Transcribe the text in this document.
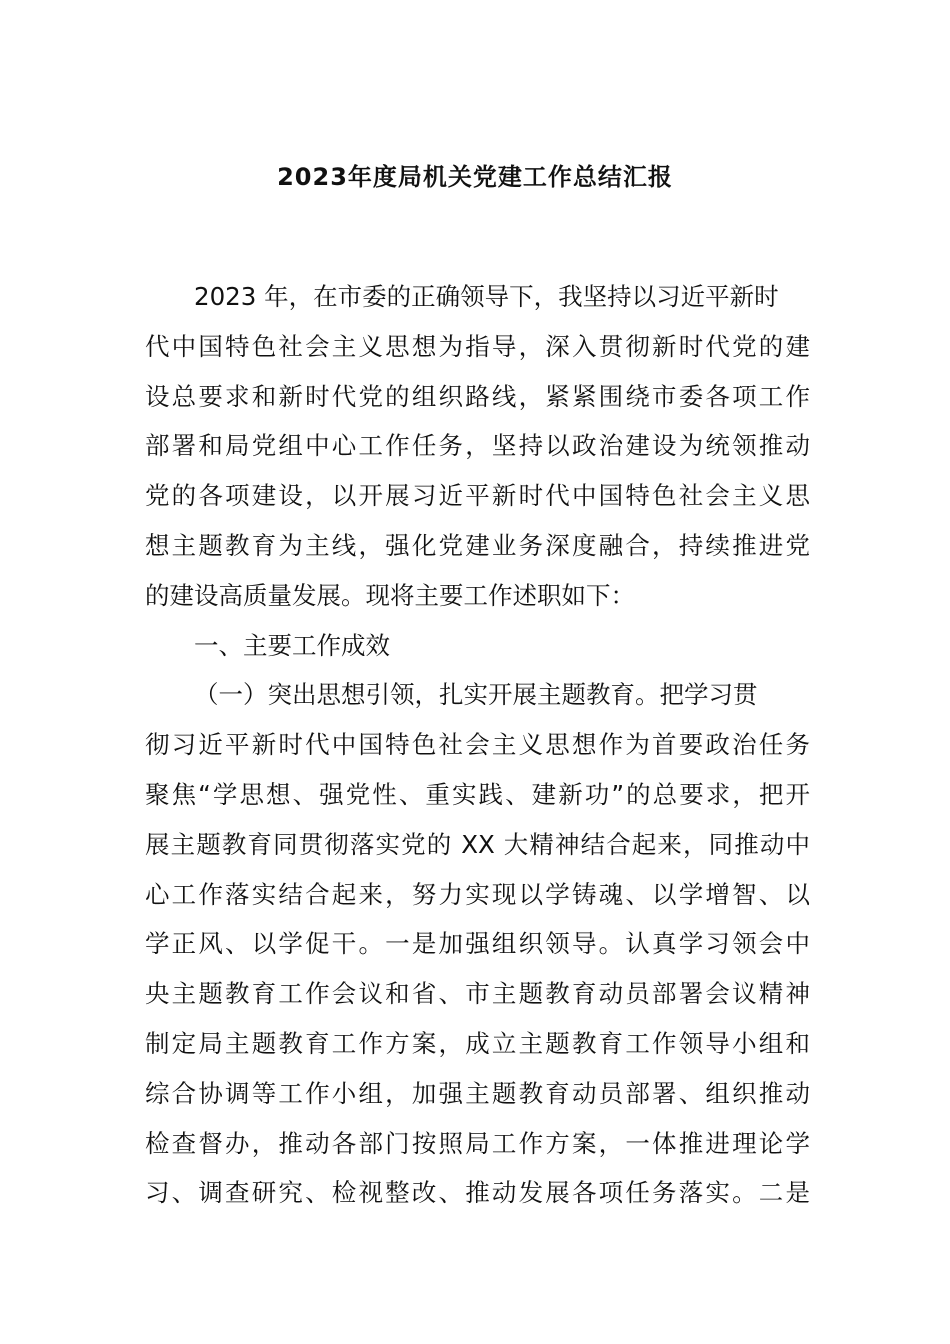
2023年度局机关党建工作总结汇报
2023 年，在市委的正确领导下，我坚持以习近平新时
代中国特色社会主义思想为指导，深入贯彻新时代党的建
设总要求和新时代党的组织路线，紧紧围绕市委各项工作
部署和局党组中心工作任务，坚持以政治建设为统领推动
党的各项建设，以开展习近平新时代中国特色社会主义思
想主题教育为主线，强化党建业务深度融合，持续推进党
的建设高质量发展。现将主要工作述职如下：
一、主要工作成效
（一）突出思想引领，扎实开展主题教育。把学习贯
彻习近平新时代中国特色社会主义思想作为首要政治任务
聚焦“学思想、强党性、重实践、建新功”的总要求，把开
展主题教育同贯彻落实党的 XX 大精神结合起来，同推动中
心工作落实结合起来，努力实现以学铸魂、以学增智、以
学正风、以学促干。一是加强组织领导。认真学习领会中
央主题教育工作会议和省、市主题教育动员部署会议精神
制定局主题教育工作方案，成立主题教育工作领导小组和
综合协调等工作小组，加强主题教育动员部署、组织推动
检查督办，推动各部门按照局工作方案，一体推进理论学
习、调查研究、检视整改、推动发展各项任务落实。二是
